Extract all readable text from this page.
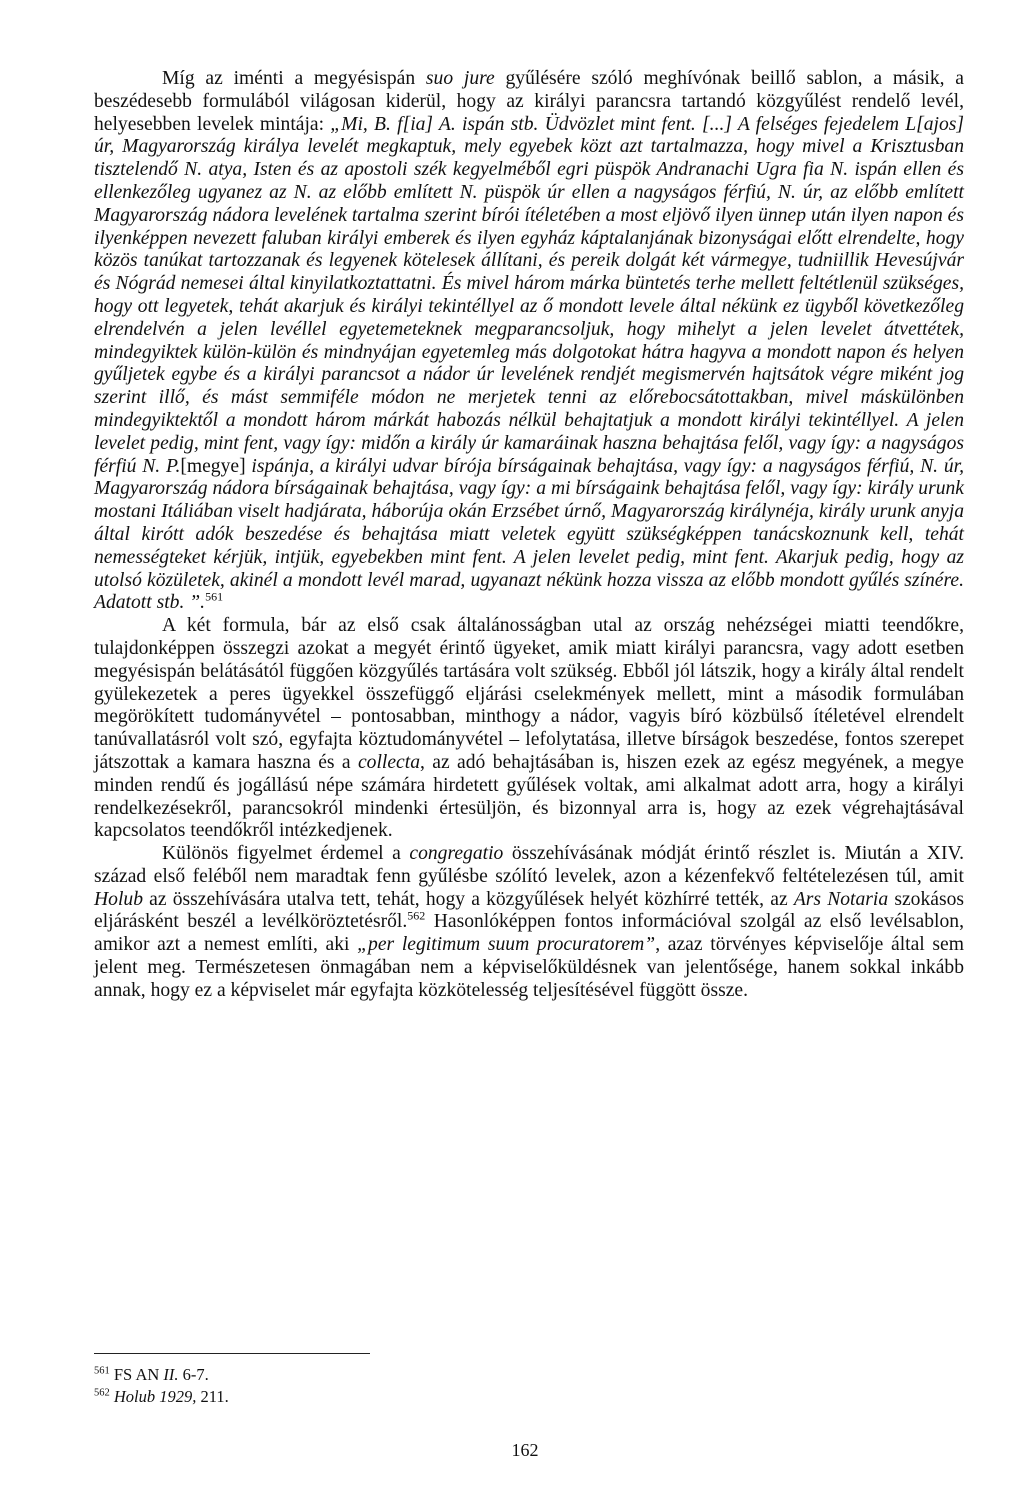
Míg az iménti a megyésispán suo jure gyűlésére szóló meghívónak beillő sablon, a másik, a beszédesebb formulából világosan kiderül, hogy az királyi parancsra tartandó közgyűlést rendelő levél, helyesebben levelek mintája: „Mi, B. f[ia] A. ispán stb. Üdvözlet mint fent. [...] A felséges fejedelem L[ajos] úr, Magyarország királya levelét megkaptuk, mely egyebek közt azt tartalmazza, hogy mivel a Krisztusban tisztelendő N. atya, Isten és az apostoli szék kegyelméből egri püspök Andranachi Ugra fia N. ispán ellen és ellenkezőleg ugyanez az N. az előbb említett N. püspök úr ellen a nagyságos férfiú, N. úr, az előbb említett Magyarország nádora levelének tartalma szerint bírói ítéletében a most eljövő ilyen ünnep után ilyen napon és ilyenképpen nevezett faluban királyi emberek és ilyen egyház káptalanjának bizonyságai előtt elrendelte, hogy közös tanúkat tartozzanak és legyenek kötelesek állítani, és pereik dolgát két vármegye, tudniillik Hevesújvár és Nógrád nemesei által kinyilatkoztattatni. És mivel három márka büntetés terhe mellett feltétlenül szükséges, hogy ott legyetek, tehát akarjuk és királyi tekintéllyel az ő mondott levele által nékünk ez ügyből következőleg elrendelvén a jelen levéllel egyetemeteknek megparancsoljuk, hogy mihelyt a jelen levelet átvettétek, mindegyiktek külön-külön és mindnyájan egyetemleg más dolgotokat hátra hagyva a mondott napon és helyen gyűljetek egybe és a királyi parancsot a nádor úr levelének rendjét megismervén hajtsátok végre miként jog szerint illő, és mást semmiféle módon ne merjetek tenni az előrebocsátottakban, mivel máskülönben mindegyiktektől a mondott három márkát habozás nélkül behajtatjuk a mondott királyi tekintéllyel. A jelen levelet pedig, mint fent, vagy így: midőn a király úr kamaráinak haszna behajtása felől, vagy így: a nagyságos férfiú N. P.[megye] ispánja, a királyi udvar bírója bírságainak behajtása, vagy így: a nagyságos férfiú, N. úr, Magyarország nádora bírságainak behajtása, vagy így: a mi bírságaink behajtása felől, vagy így: király urunk mostani Itáliában viselt hadjárata, háborúja okán Erzsébet úrnő, Magyarország királynéja, király urunk anyja által kirótt adók beszedése és behajtása miatt veletek együtt szükségképpen tanácskoznunk kell, tehát nemességteket kérjük, intjük, egyebekben mint fent. A jelen levelet pedig, mint fent. Akarjuk pedig, hogy az utolsó közületek, akinél a mondott levél marad, ugyanazt nékünk hozza vissza az előbb mondott gyűlés színére. Adatott stb. ”.$^{561}$

A két formula, bár az első csak általánosságban utal az ország nehézségei miatti teendőkre, tulajdonképpen összegzi azokat a megyét érintő ügyeket, amik miatt királyi parancsra, vagy adott esetben megyésispán belátásától függően közgyűlés tartására volt szükség. Ebből jól látszik, hogy a király által rendelt gyülekezetek a peres ügyekkel összefüggő eljárási cselekmények mellett, mint a második formulában megörökített tudományvétel – pontosabban, minthogy a nádor, vagyis bíró közbülső ítéletével elrendelt tanúvallatásról volt szó, egyfajta köztudományvétel – lefolytatása, illetve bírságok beszedése, fontos szerepet játszottak a kamara haszna és a collecta, az adó behajtásában is, hiszen ezek az egész megyének, a megye minden rendű és jogállású népe számára hirdetett gyűlések voltak, ami alkalmat adott arra, hogy a királyi rendelkezésekről, parancsokról mindenki értesüljön, és bizonnyal arra is, hogy az ezek végrehajtásával kapcsolatos teendőkről intézkedjenek.

Különös figyelmet érdemel a congregatio összehívásának módját érintő részlet is. Miután a XIV. század első feléből nem maradtak fenn gyűlésbe szólító levelek, azon a kézenfekvő feltételezésen túl, amit Holub az összehívására utalva tett, tehát, hogy a közgyűlések helyét közhírré tették, az Ars Notaria szokásos eljárásként beszél a levélköröztetésről.$^{562}$ Hasonlóképpen fontos információval szolgál az első levélsablon, amikor azt a nemest említi, aki „per legitimum suum procuratorem”, azaz törvényes képviselője által sem jelent meg. Természetesen önmagában nem a képviselőküldésnek van jelentősége, hanem sokkal inkább annak, hogy ez a képviselet már egyfajta közkötelesség teljesítésével függött össze.

$^{561}$ FS AN II. 6-7.
$^{562}$ Holub 1929, 211.
162
